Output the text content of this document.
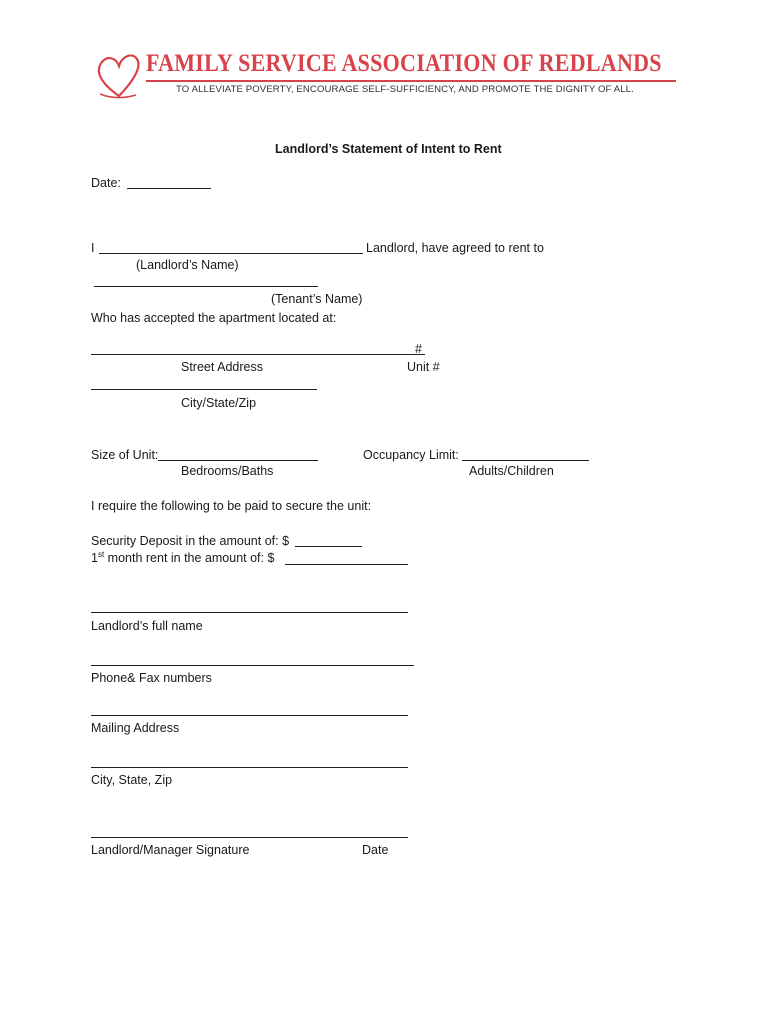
FAMILY SERVICE ASSOCIATION OF REDLANDS
TO ALLEVIATE POVERTY, ENCOURAGE SELF-SUFFICIENCY, AND PROMOTE THE DIGNITY OF ALL.
Landlord’s Statement of Intent to Rent
Date:
I	Landlord, have agreed to rent to
(Landlord’s Name)
(Tenant’s Name)
Who has accepted the apartment located at:
#
Street Address	Unit #
City/State/Zip
Size of Unit:
Bedrooms/Baths
Occupancy Limit:
Adults/Children
I require the following to be paid to secure the unit:
Security Deposit in the amount of: $
1st month rent in the amount of: $
Landlord’s full name
Phone& Fax numbers
Mailing Address
City, State, Zip
Landlord/Manager Signature	Date
